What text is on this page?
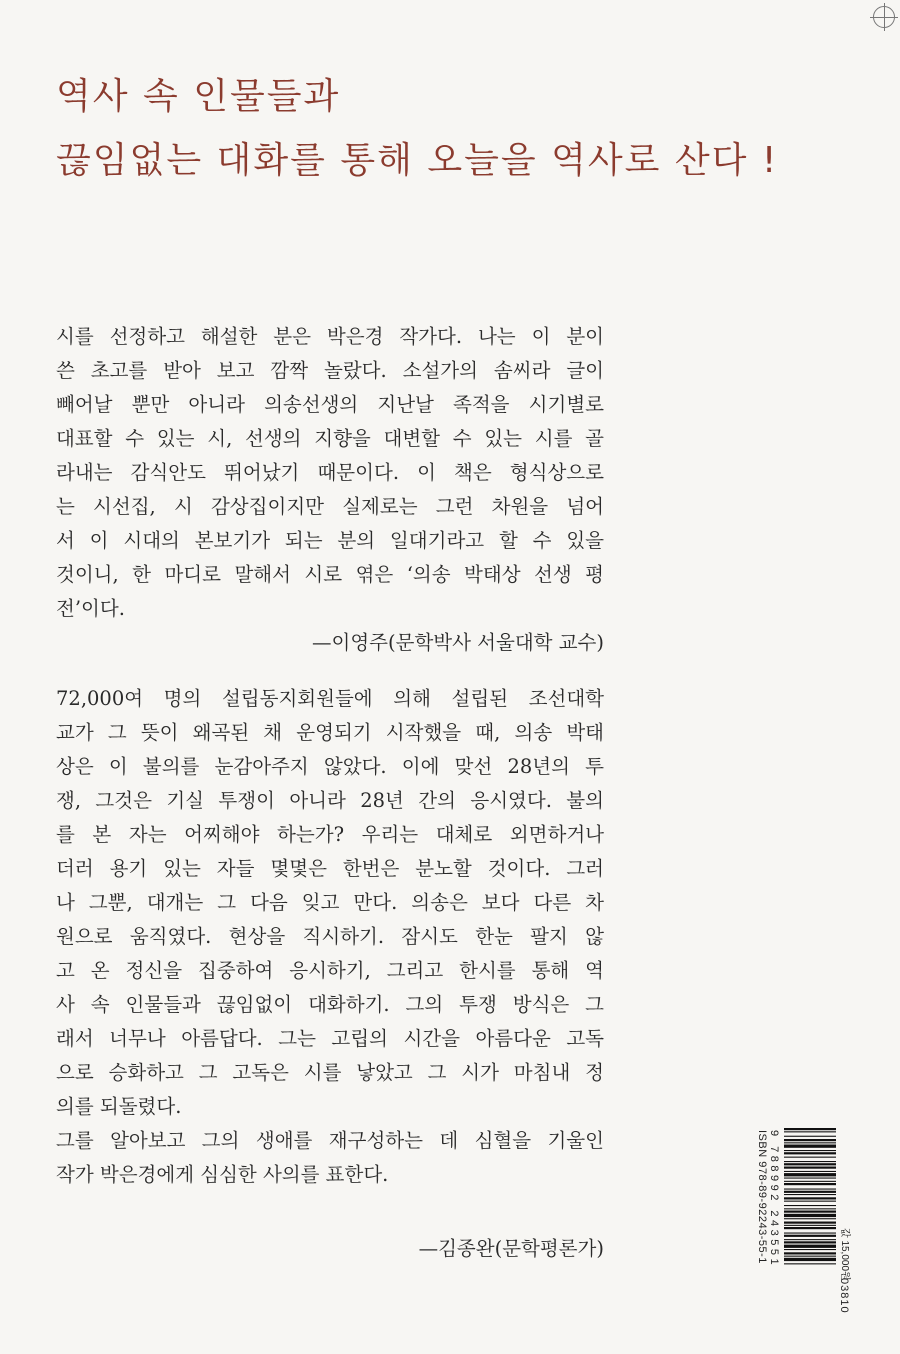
역사 속 인물들과
끊임없는 대화를 통해 오늘을 역사로 산다 !
시를 선정하고 해설한 분은 박은경 작가다. 나는 이 분이
쓴 초고를 받아 보고 깜짝 놀랐다. 소설가의 솜씨라 글이
빼어날 뿐만 아니라 의송선생의 지난날 족적을 시기별로
대표할 수 있는 시, 선생의 지향을 대변할 수 있는 시를 골
라내는 감식안도 뛰어났기 때문이다. 이 책은 형식상으로
는 시선집, 시 감상집이지만 실제로는 그런 차원을 넘어
서 이 시대의 본보기가 되는 분의 일대기라고 할 수 있을
것이니, 한 마디로 말해서 시로 엮은 ‘의송 박태상 선생 평
전’이다.
—이영주(문학박사 서울대학 교수)
72,000여 명의 설립동지회원들에 의해 설립된 조선대학
교가 그 뜻이 왜곡된 채 운영되기 시작했을 때, 의송 박태
상은 이 불의를 눈감아주지 않았다. 이에 맞선 28년의 투
쟁, 그것은 기실 투쟁이 아니라 28년 간의 응시였다. 불의
를 본 자는 어찌해야 하는가? 우리는 대체로 외면하거나
더러 용기 있는 자들 몇몇은 한번은 분노할 것이다. 그러
나 그뿐, 대개는 그 다음 잊고 만다. 의송은 보다 다른 차
원으로 움직였다. 현상을 직시하기. 잠시도 한눈 팔지 않
고 온 정신을 집중하여 응시하기, 그리고 한시를 통해 역
사 속 인물들과 끊임없이 대화하기. 그의 투쟁 방식은 그
래서 너무나 아름답다. 그는 고립의 시간을 아름다운 고독
으로 승화하고 그 고독은 시를 낳았고 그 시가 마침내 정
의를 되돌렸다.
그를 알아보고 그의 생애를 재구성하는 데 심혈을 기울인
작가 박은경에게 심심한 사의를 표한다.
—김종완(문학평론가)	9 788992 243551
ISBN 978-89-92243-55-1
03810
값 15,000원
